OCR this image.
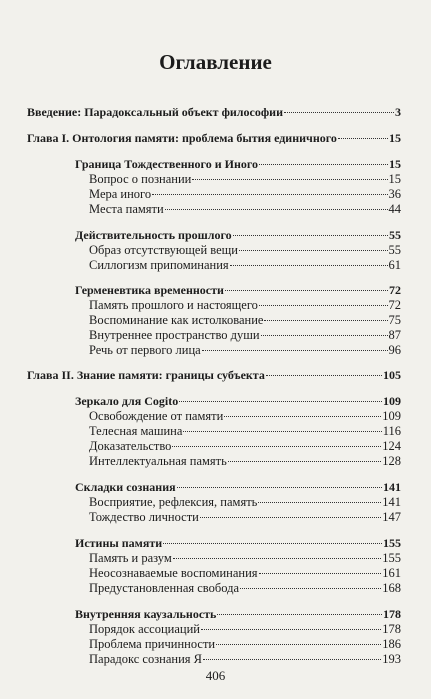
Оглавление
Введение: Парадоксальный объект философии	3
Глава I. Онтология памяти: проблема бытия единичного	15
Граница Тождественного и Иного	15
Вопрос о познании	15
Мера иного	36
Места памяти	44
Действительность прошлого	55
Образ отсутствующей вещи	55
Силлогизм припоминания	61
Герменевтика временности	72
Память прошлого и настоящего	72
Воспоминание как истолкование	75
Внутреннее пространство души	87
Речь от первого лица	96
Глава II. Знание памяти: границы субъекта	105
Зеркало для Cogito	109
Освобождение от памяти	109
Телесная машина	116
Доказательство	124
Интеллектуальная память	128
Складки сознания	141
Восприятие, рефлексия, память	141
Тождество личности	147
Истины памяти	155
Память и разум	155
Неосознаваемые воспоминания	161
Предустановленная свобода	168
Внутренняя каузальность	178
Порядок ассоциаций	178
Проблема причинности	186
Парадокс сознания Я	193
406
